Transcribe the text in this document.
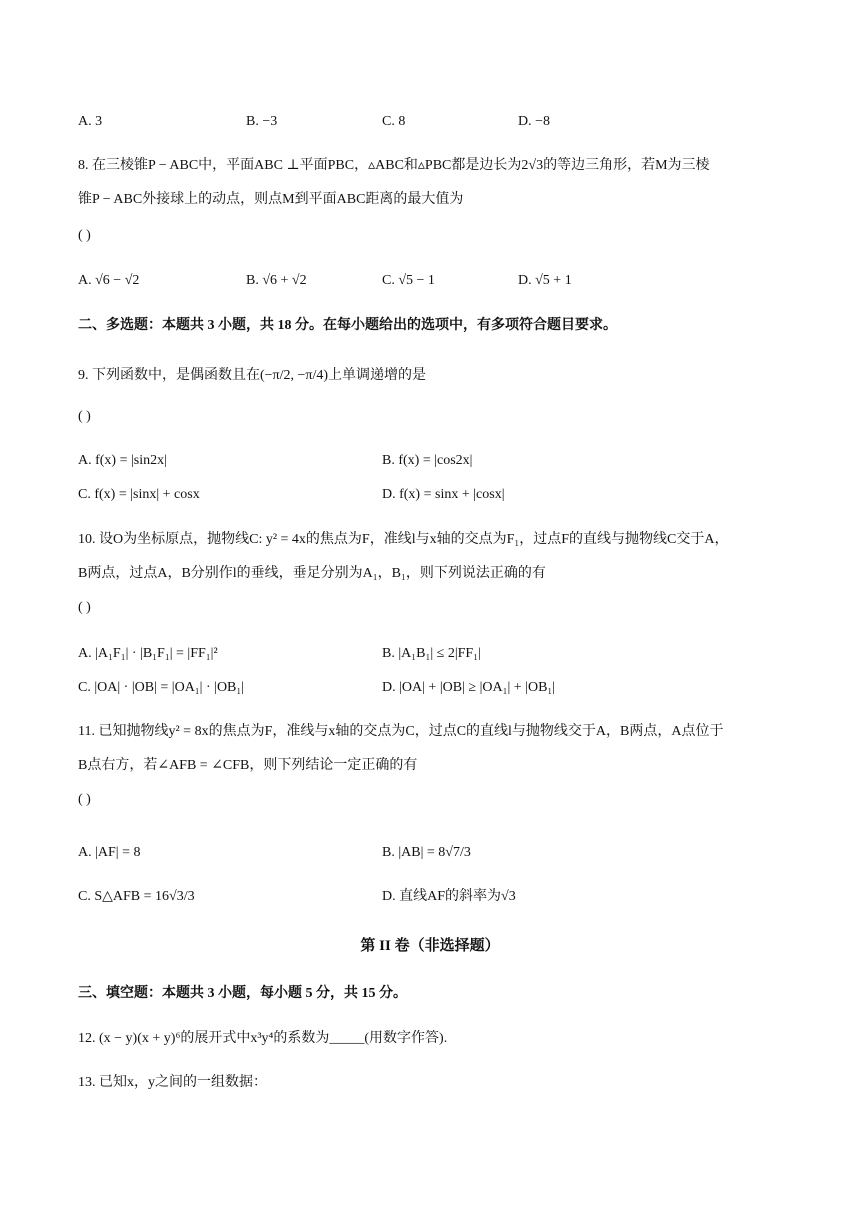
A. 3	B. −3	C. 8	D. −8
8. 在三棱锥P − ABC中，平面ABC ⊥平面PBC，▵ABC和▵PBC都是边长为2√3的等边三角形，若M为三棱
锥P − ABC外接球上的动点，则点M到平面ABC距离的最大值为
( )
A. √6 − √2	B. √6 + √2	C. √5 − 1	D. √5 + 1
二、多选题：本题共 3 小题，共 18 分。在每小题给出的选项中，有多项符合题目要求。
9. 下列函数中，是偶函数且在(−π/2, −π/4)上单调递增的是
( )
A. f(x) = |sin2x|	B. f(x) = |cos2x|
C. f(x) = |sinx| + cosx	D. f(x) = sinx + |cosx|
10. 设O为坐标原点，抛物线C: y² = 4x的焦点为F，准线l与x轴的交点为F₁，过点F的直线与抛物线C交于A，
B两点，过点A，B分别作l的垂线，垂足分别为A₁，B₁，则下列说法正确的有
( )
A. |A₁F₁| · |B₁F₁| = |FF₁|²	B. |A₁B₁| ≤ 2|FF₁|
C. |OA| · |OB| = |OA₁| · |OB₁|	D. |OA| + |OB| ≥ |OA₁| + |OB₁|
11. 已知抛物线y² = 8x的焦点为F，准线与x轴的交点为C，过点C的直线l与抛物线交于A，B两点，A点位于
B点右方，若∠AFB = ∠CFB，则下列结论一定正确的有
( )
A. |AF| = 8	B. |AB| = 8√7/3
C. S△AFB = 16√3/3	D. 直线AF的斜率为√3
第 II 卷（非选择题）
三、填空题：本题共 3 小题，每小题 5 分，共 15 分。
12. (x − y)(x + y)⁶的展开式中x³y⁴的系数为_____(用数字作答).
13. 已知x，y之间的一组数据：
